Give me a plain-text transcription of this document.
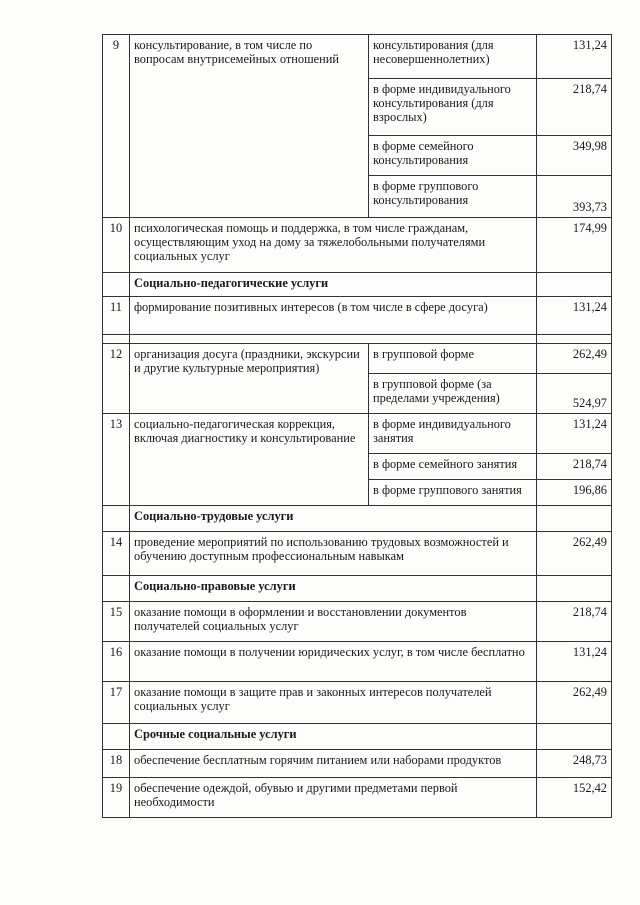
9	консультирование, в том числе по вопросам внутрисемейных отношений	консультирования (для несовершеннолетних)	131,24
		в форме индивидуального консультирования (для взрослых)	218,74
		в форме семейного консультирования	349,98
		в форме группового консультирования	393,73
10	психологическая помощь и поддержка, в том числе гражданам, осуществляющим уход на дому за тяжелобольными получателями социальных услуг		174,99
	Социально-педагогические услуги		
11	формирование позитивных интересов (в том числе в сфере досуга)		131,24

12	организация досуга (праздники, экскурсии и другие культурные мероприятия)	в групповой форме	262,49
		в групповой форме (за пределами учреждения)	524,97
13	социально-педагогическая коррекция, включая диагностику и консультирование	в форме индивидуального занятия	131,24
		в форме семейного занятия	218,74
		в форме группового занятия	196,86
	Социально-трудовые услуги		
14	проведение мероприятий по использованию трудовых возможностей и обучению доступным профессиональным навыкам		262,49
	Социально-правовые услуги		
15	оказание помощи в оформлении и восстановлении документов получателей социальных услуг		218,74
16	оказание помощи в получении юридических услуг, в том числе бесплатно		131,24
17	оказание помощи в защите прав и законных интересов получателей социальных услуг		262,49
	Срочные социальные услуги		
18	обеспечение бесплатным горячим питанием или наборами продуктов		248,73
19	обеспечение одеждой, обувью и другими предметами первой необходимости		152,42
